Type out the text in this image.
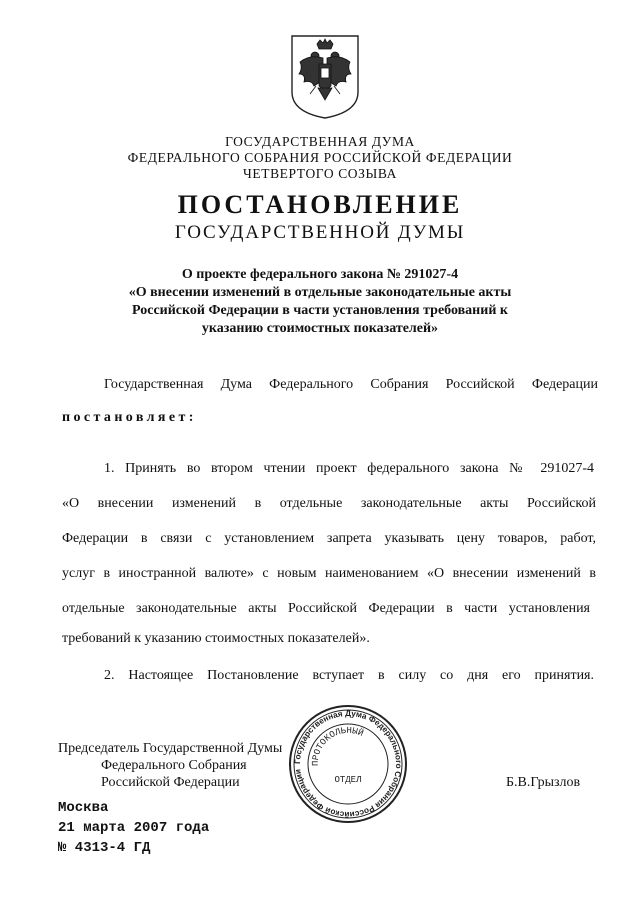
ГОСУДАРСТВЕННАЯ ДУМА
ФЕДЕРАЛЬНОГО СОБРАНИЯ РОССИЙСКОЙ ФЕДЕРАЦИИ
ЧЕТВЕРТОГО СОЗЫВА
ПОСТАНОВЛЕНИЕ
ГОСУДАРСТВЕННОЙ ДУМЫ
О проекте федерального закона № 291027-4
«О внесении изменений в отдельные законодательные акты
Российской Федерации в части установления требований к
указанию стоимостных показателей»
Государственная Дума Федерального Собрания Российской Федерации
постановляет:
1. Принять во втором чтении проект федерального закона № 291027-4
«О внесении изменений в отдельные законодательные акты Российской
Федерации в связи с установлением запрета указывать цену товаров, работ,
услуг в иностранной валюте» с новым наименованием «О внесении изменений в
отдельные законодательные акты Российской Федерации в части установления
требований к указанию стоимостных показателей».
2. Настоящее Постановление вступает в силу со дня его принятия.
Государственная Дума Федерального Собрания Российской Федерации
ПРОТОКОЛЬНЫЙ
ОТДЕЛ
Председатель Государственной Думы
Федерального Собрания
Российской Федерации	Б.В.Грызлов
Москва
21 марта 2007 года
№ 4313-4 ГД
